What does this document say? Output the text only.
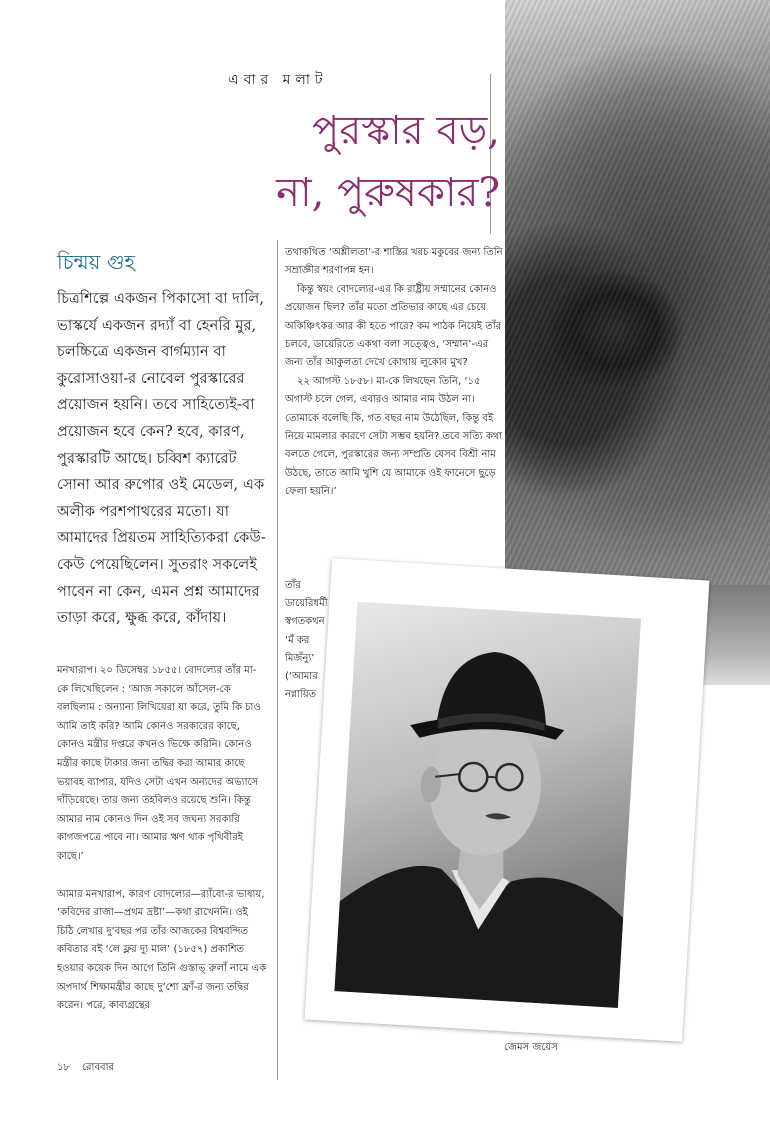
এবার মলাট
পুরস্কার বড়,
না, পুরুষকার?
চিন্ময় গুহ

চিত্রশিল্পে একজন পিকাসো বা দালি, ভাস্কর্যে একজন রদ্যাঁ বা হেনরি মুর, চলচ্চিত্রে একজন বার্গম্যান বা কুরোসাওয়া-র নোবেল পুরস্কারের প্রয়োজন হয়নি। তবে সাহিত্যেই-বা প্রয়োজন হবে কেন? হবে, কারণ, পুরস্কারটি আছে। চব্বিশ ক্যারেট সোনা আর রুপোর ওই মেডেল, এক অলীক পরশপাথরের মতো। যা আমাদের প্রিয়তম সাহিত্যিকরা কেউ-কেউ পেয়েছিলেন। সুতরাং সকলেই পাবেন না কেন, এমন প্রশ্ন আমাদের তাড়া করে, ক্ষুব্ধ করে, কাঁদায়।

মনখারাপ। ২০ ডিসেম্বর ১৮৫৫। বোদল্যের তাঁর মা-কে লিখেছিলেন : ‘আজ সকালে আঁসেল-কে বলছিলাম : অন্যান্য লিখিয়েরা যা করে, তুমি কি চাও আমি তাই করি? আমি কোনও সরকারের কাছে, কোনও মন্ত্রীর দপ্তরে কখনও ভিক্ষে করিনি। কোনও মন্ত্রীর কাছে টাকার জন্য তদ্বির করা আমার কাছে ভয়াবহ ব্যাপার, যদিও সেটা এখন অন্যদের অভ্যাসে দাঁড়িয়েছে। তার জন্য তহবিলও রয়েছে শুনি। কিন্তু আমার নাম কোনও দিন ওই সব জঘন্য সরকারি কাগজপত্রে পাবে না। আমার ঋণ থাক পৃথিবীরই কাছে।’

আমার মনখারাপ, কারণ বোদল্যের—র‍্যাঁবো-র ভাষায়, ‘কবিদের রাজা—প্রথম দ্রষ্টা’—কথা রাখেননি। ওই চিঠি লেখার দু’বছর পর তাঁর আজকের বিশ্ববন্দিত কবিতার বই ‘লে ফ্লর দ্যু মাল’ (১৮৫৭) প্রকাশিত হওয়ার কয়েক দিন আগে তিনি গুস্তাভ্ রুলাঁ নামে এক অপদার্থ শিক্ষামন্ত্রীর কাছে দু’শো ফ্রাঁ-র জন্য তদ্বির করেন। পরে, কাব্যগ্রন্থের

তথাকথিত ‘অশ্লীলতা’-র শাস্তির খরচ মকুবের জন্য তিনি সম্রাজ্ঞীর শরণাপন্ন হন।

কিন্তু স্বয়ং বোদল্যের-এর কি রাষ্ট্রীয় সম্মানের কোনও প্রয়োজন ছিল? তাঁর মতো প্রতিভার কাছে এর চেয়ে অকিঞ্চিৎকর আর কী হতে পারে? কম পাঠক নিয়েই তাঁর চলবে, ডায়েরিতে একথা বলা সত্ত্বেও, ‘সম্মান’-এর জন্য তাঁর আকুলতা দেখে কোথায় লুকোব মুখ?

২২ আগস্ট ১৮৫৮। মা-কে লিখছেন তিনি, ‘১৫ অগাস্ট চলে গেল, এবারও আমার নাম উঠল না। তোমাকে বলেছি কি, গত বছর নাম উঠেছিল, কিন্তু বই নিয়ে মামলার কারণে সেটা সম্ভব হয়নি? তবে সত্যি কথা বলতে গেলে, পুরস্কারের জন্য সম্প্রতি যেসব বিশ্রী নাম উঠছে, তাতে আমি খুশি যে আমাকে ওই ফানেসে ছুড়ে ফেলা হয়নি।’

তাঁর
ডায়েরিধর্মী
স্বগতকথন
‘মঁ কর
মিজঁন্যু’
(‘আমার
নগ্নায়িত
জেমস জয়েস
১৮ রোববার
